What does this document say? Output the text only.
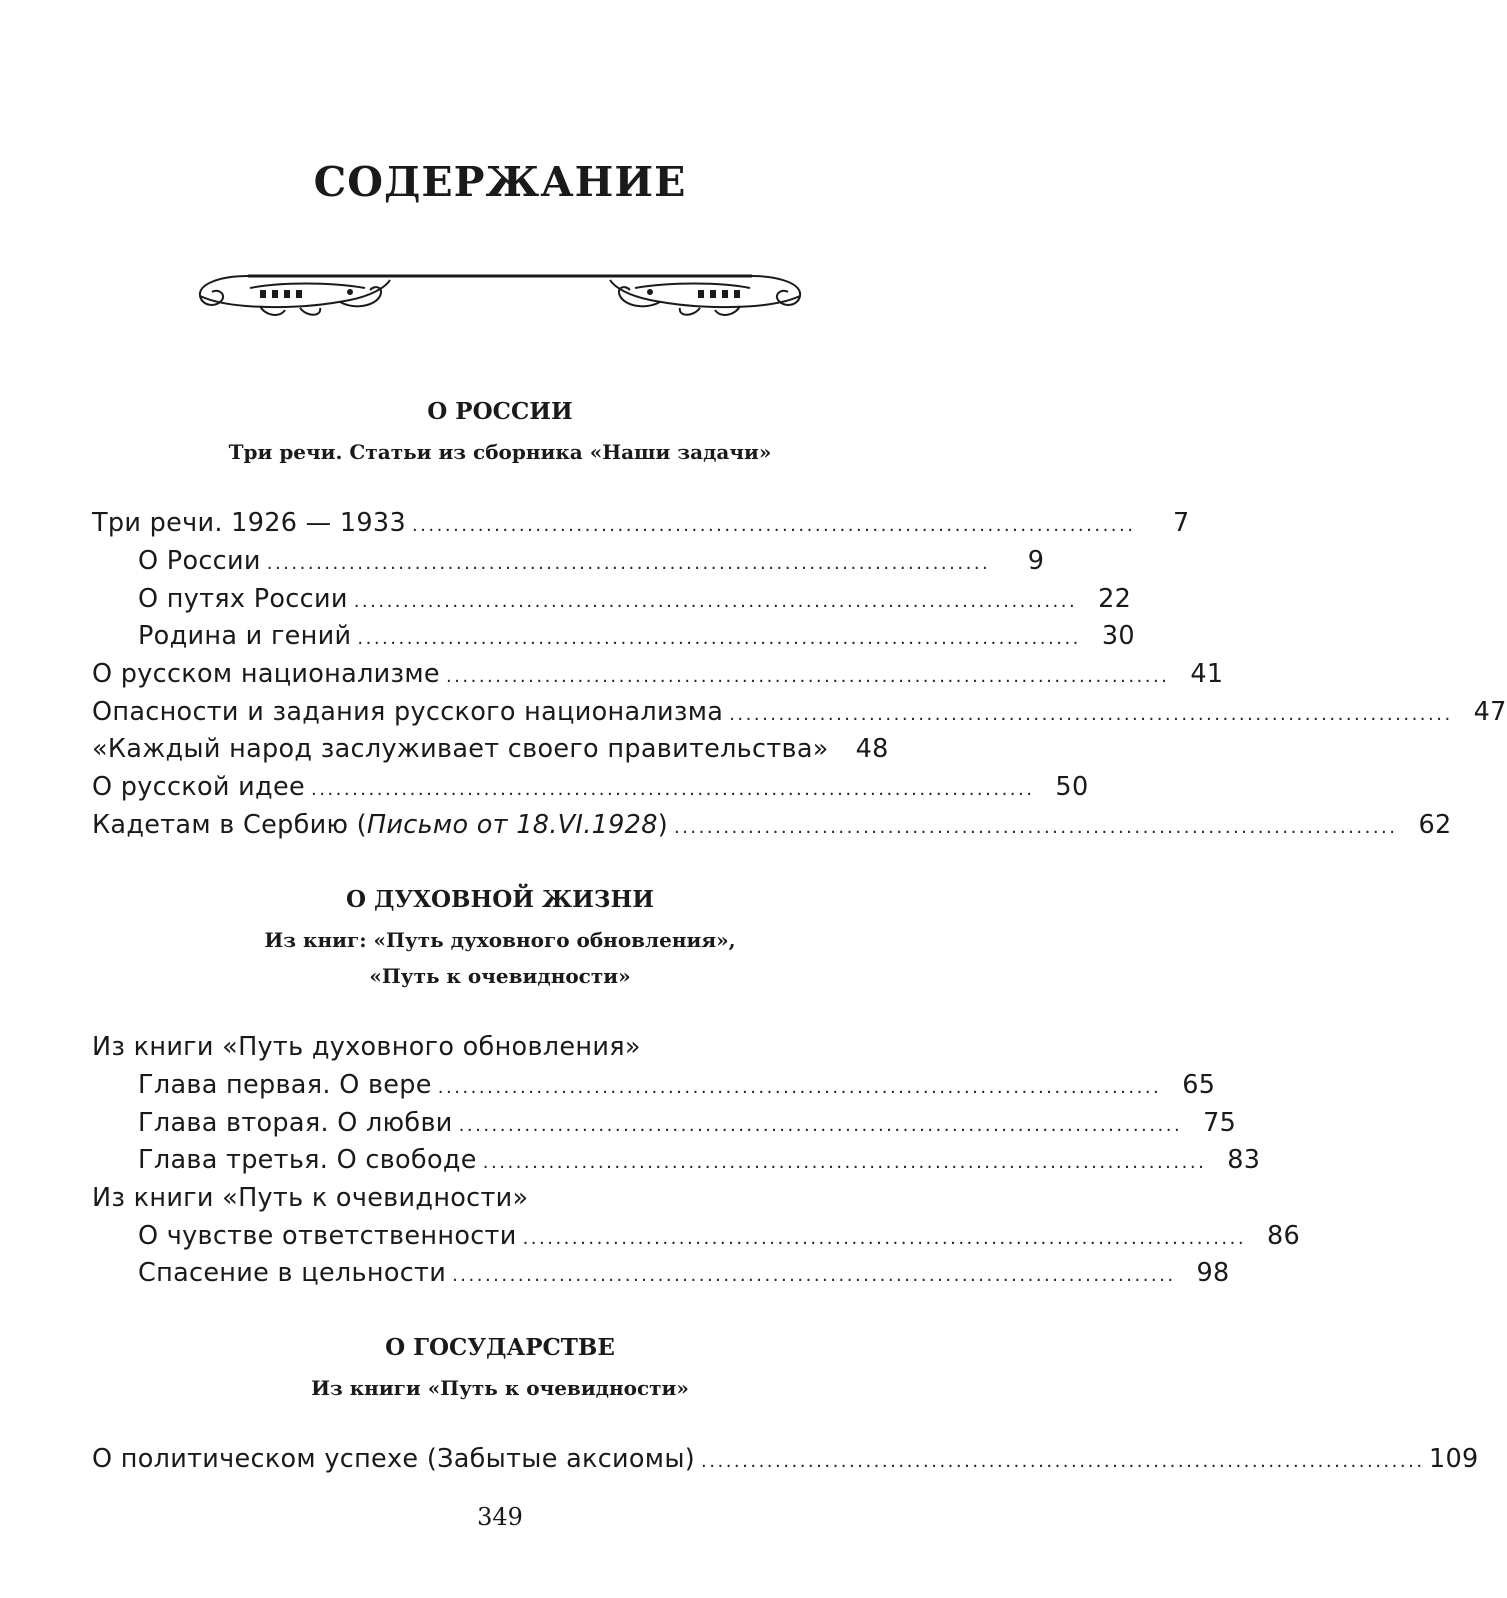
СОДЕРЖАНИЕ
О РОССИИ
Три речи. Статьи из сборника «Наши задачи»
Три речи. 1926 — 1933 ........................................................................................	7
О России ........................................................................................	9
О путях России ........................................................................................ 22
Родина и гений ........................................................................................ 30
О русском национализме ........................................................................................ 41
Опасности и задания русского национализма ........................................................................................ 47
«Каждый народ заслуживает своего правительства»	48
О русской идее ........................................................................................ 50
Кадетам в Сербию (Письмо от 18.VI.1928) ........................................................................................ 62
О ДУХОВНОЙ ЖИЗНИ
Из книг: «Путь духовного обновления»,
«Путь к очевидности»
Из книги «Путь духовного обновления»
Глава первая. О вере ........................................................................................ 65
Глава вторая. О любви ........................................................................................ 75
Глава третья. О свободе ........................................................................................ 83
Из книги «Путь к очевидности»
О чувстве ответственности ........................................................................................ 86
Спасение в цельности ........................................................................................ 98
О ГОСУДАРСТВЕ
Из книги «Путь к очевидности»
О политическом успехе (Забытые аксиомы) ........................................................................................ 109
349
